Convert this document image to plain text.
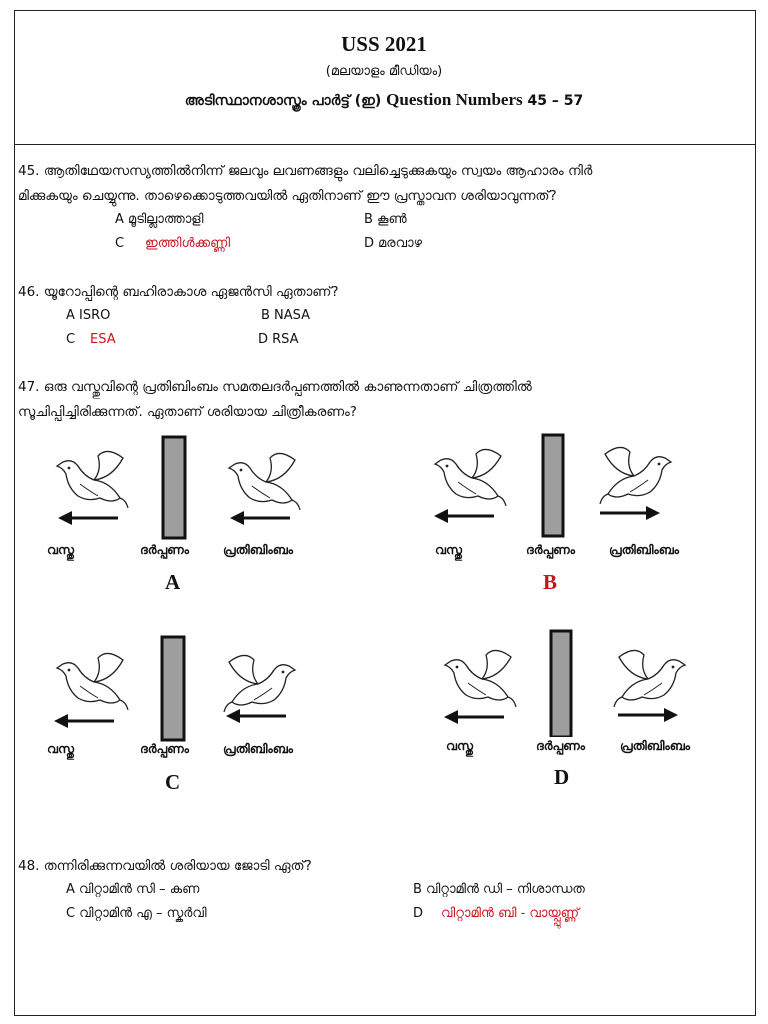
USS 2021
(മലയാളം മീഡിയം)
അടിസ്ഥാനശാസ്ത്രം പാർട്ട് (ഇ) Question Numbers 45 – 57
45. ആതിഥേയസസ്യത്തിൽനിന്ന് ജലവും ലവണങ്ങളും വലിച്ചെടുക്കുകയും സ്വയം ആഹാരം നിർ
മിക്കുകയും ചെയ്യുന്നു. താഴെക്കൊടുത്തവയിൽ ഏതിനാണ് ഈ പ്രസ്താവന ശരിയാവുന്നത്?
A മൂടില്ലാത്താളി	B കൂൺ
C ഇത്തിൾക്കണ്ണി	D മരവാഴ
46. യൂറോപ്പിന്റെ ബഹിരാകാശ ഏജൻസി ഏതാണ്?
A ISRO	B NASA
C ESA	D RSA
47. ഒരു വസ്തുവിന്റെ പ്രതിബിംബം സമതലദർപ്പണത്തിൽ കാണുന്നതാണ് ചിത്രത്തിൽ
സൂചിപ്പിച്ചിരിക്കുന്നത്. ഏതാണ് ശരിയായ ചിത്രീകരണം?
വസ്തു	ദർപ്പണം	പ്രതിബിംബം
A
വസ്തു	ദർപ്പണം	പ്രതിബിംബം
B
വസ്തു	ദർപ്പണം	പ്രതിബിംബം
C
വസ്തു	ദർപ്പണം	പ്രതിബിംബം
D
48. തന്നിരിക്കുന്നവയിൽ ശരിയായ ജോടി ഏത്?
A വിറ്റാമിൻ സി – കണ	B വിറ്റാമിൻ ഡി – നിശാന്ധത
C വിറ്റാമിൻ എ – സ്കർവി	D വിറ്റാമിൻ ബി - വായ്പ്പുണ്ണ്
